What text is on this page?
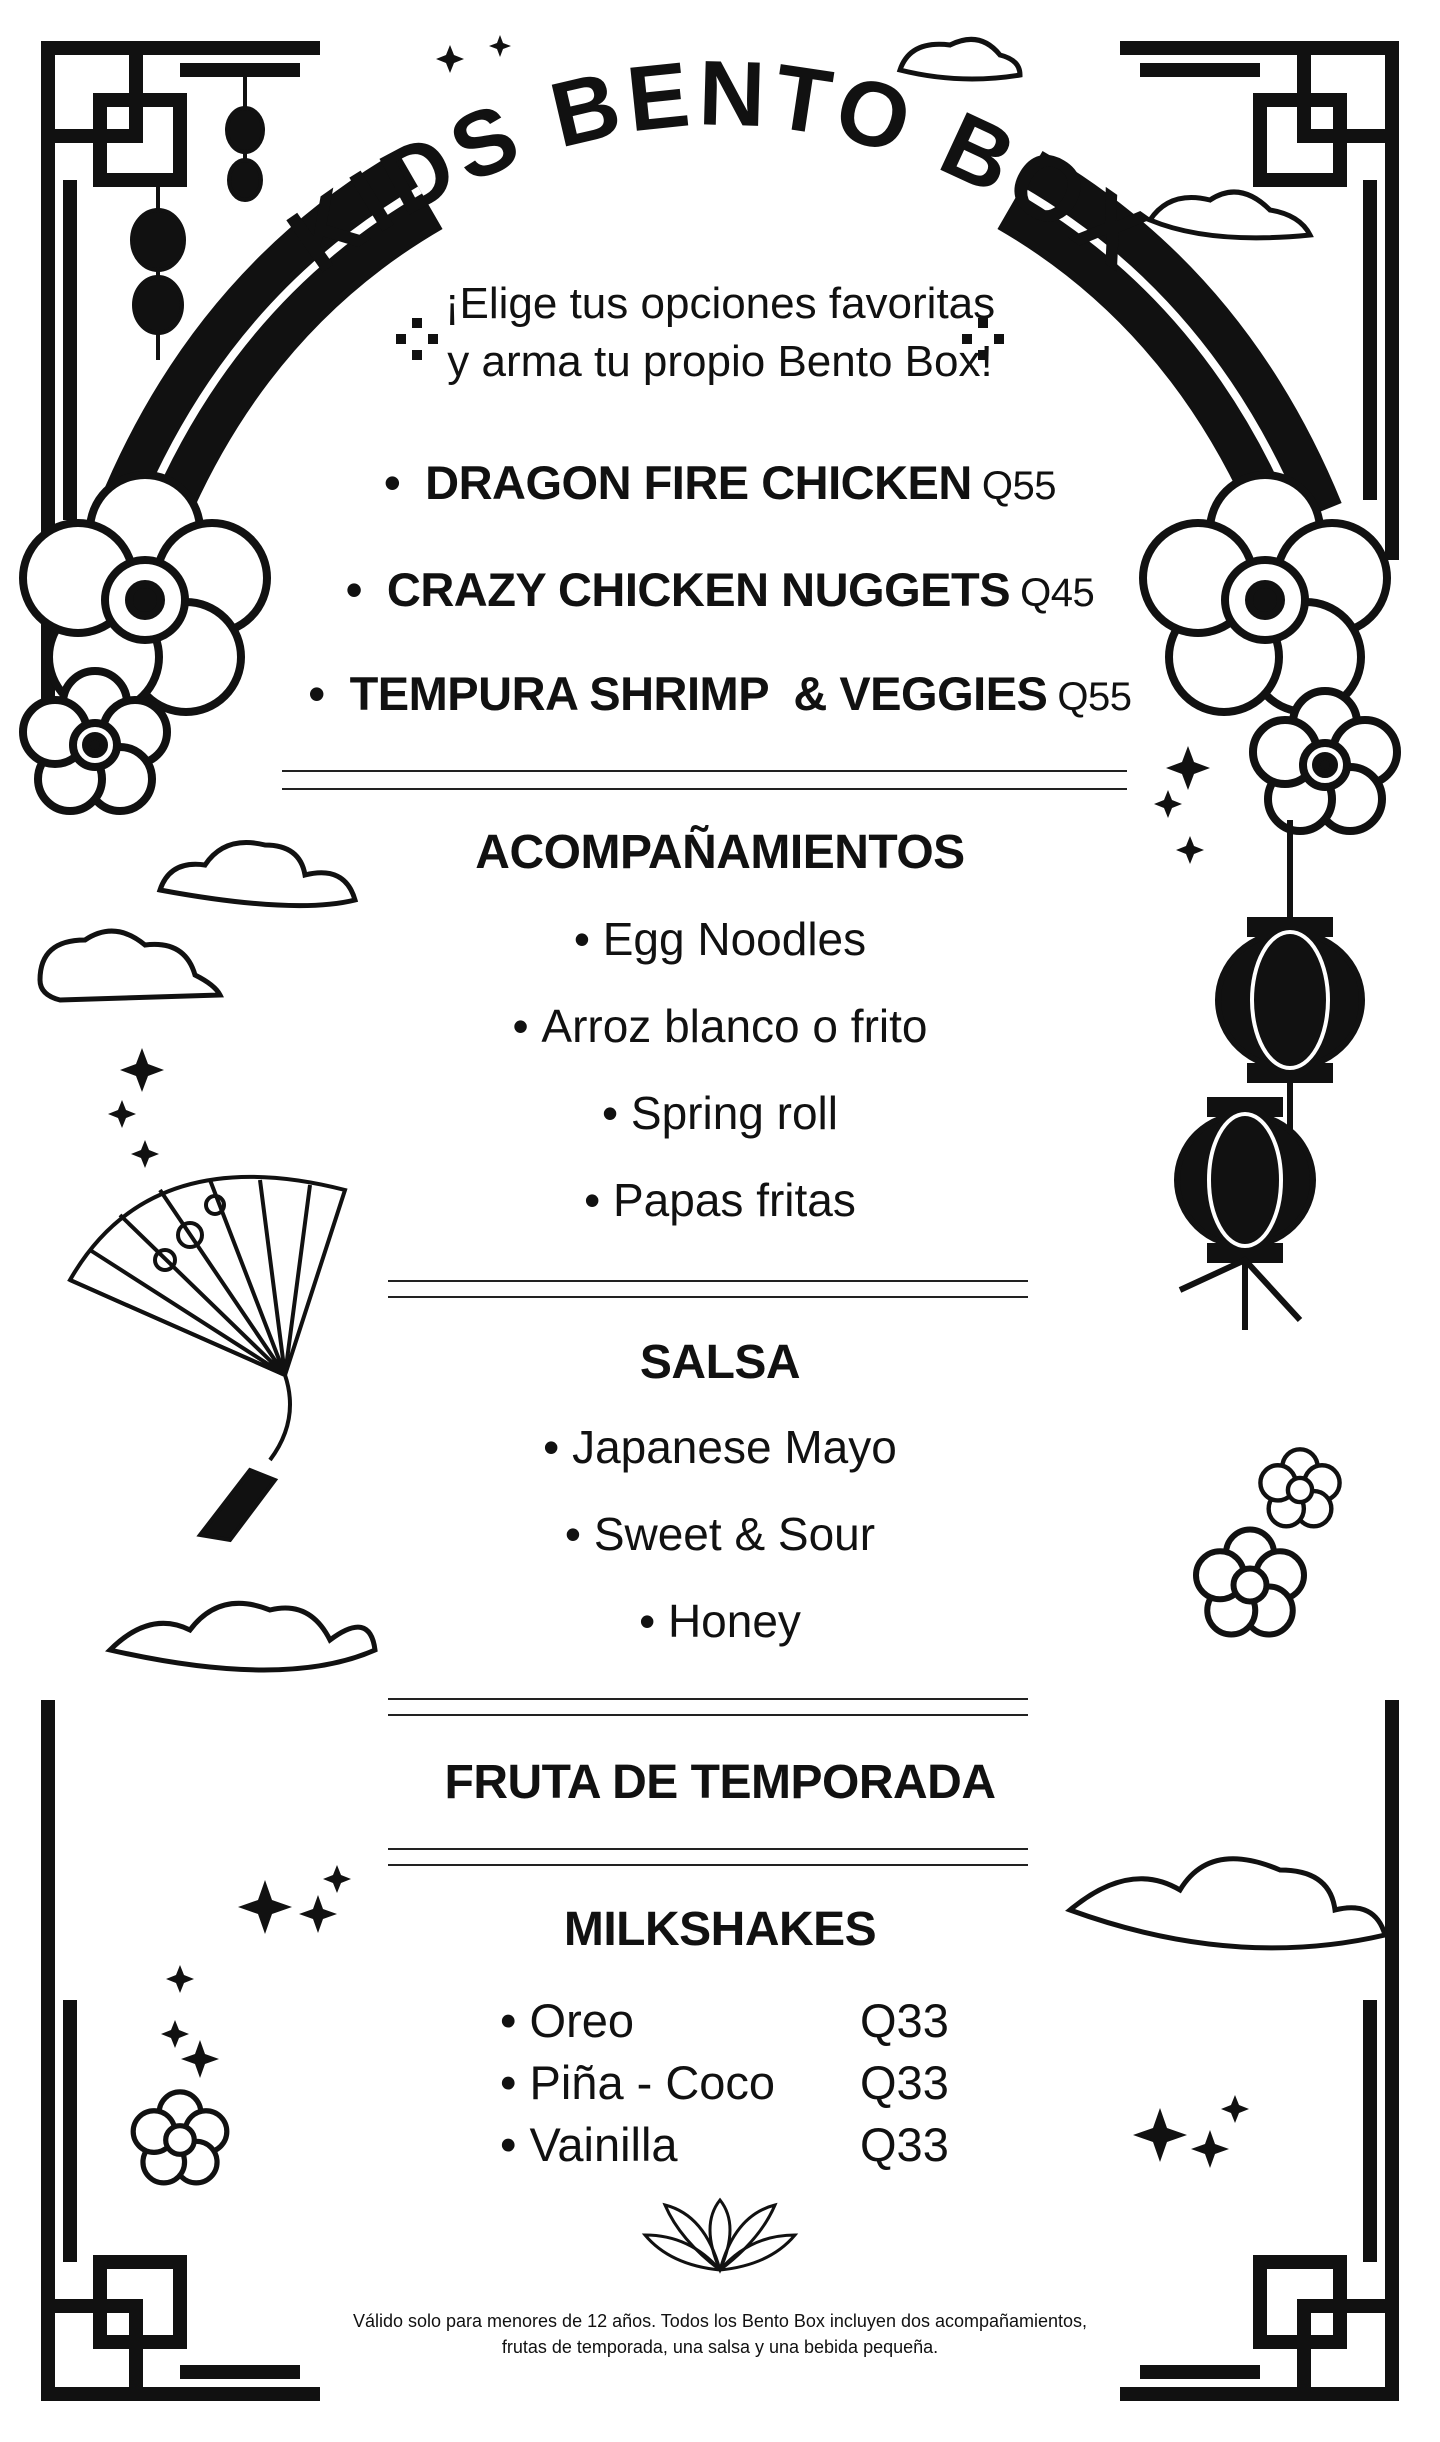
KIDS BENTO BOX
¡Elige tus opciones favoritas
y arma tu propio Bento Box!
• DRAGON FIRE CHICKEN Q55
• CRAZY CHICKEN NUGGETS Q45
• TEMPURA SHRIMP  & VEGGIES Q55
ACOMPAÑAMIENTOS
• Egg Noodles
• Arroz blanco o frito
• Spring roll
• Papas fritas
SALSA
• Japanese Mayo
• Sweet & Sour
• Honey
FRUTA DE TEMPORADA
MILKSHAKES
• Oreo	Q33
• Piña - Coco Q33
• Vainilla	Q33
Válido solo para menores de 12 años. Todos los Bento Box incluyen dos acompañamientos,
frutas de temporada, una salsa y una bebida pequeña.
